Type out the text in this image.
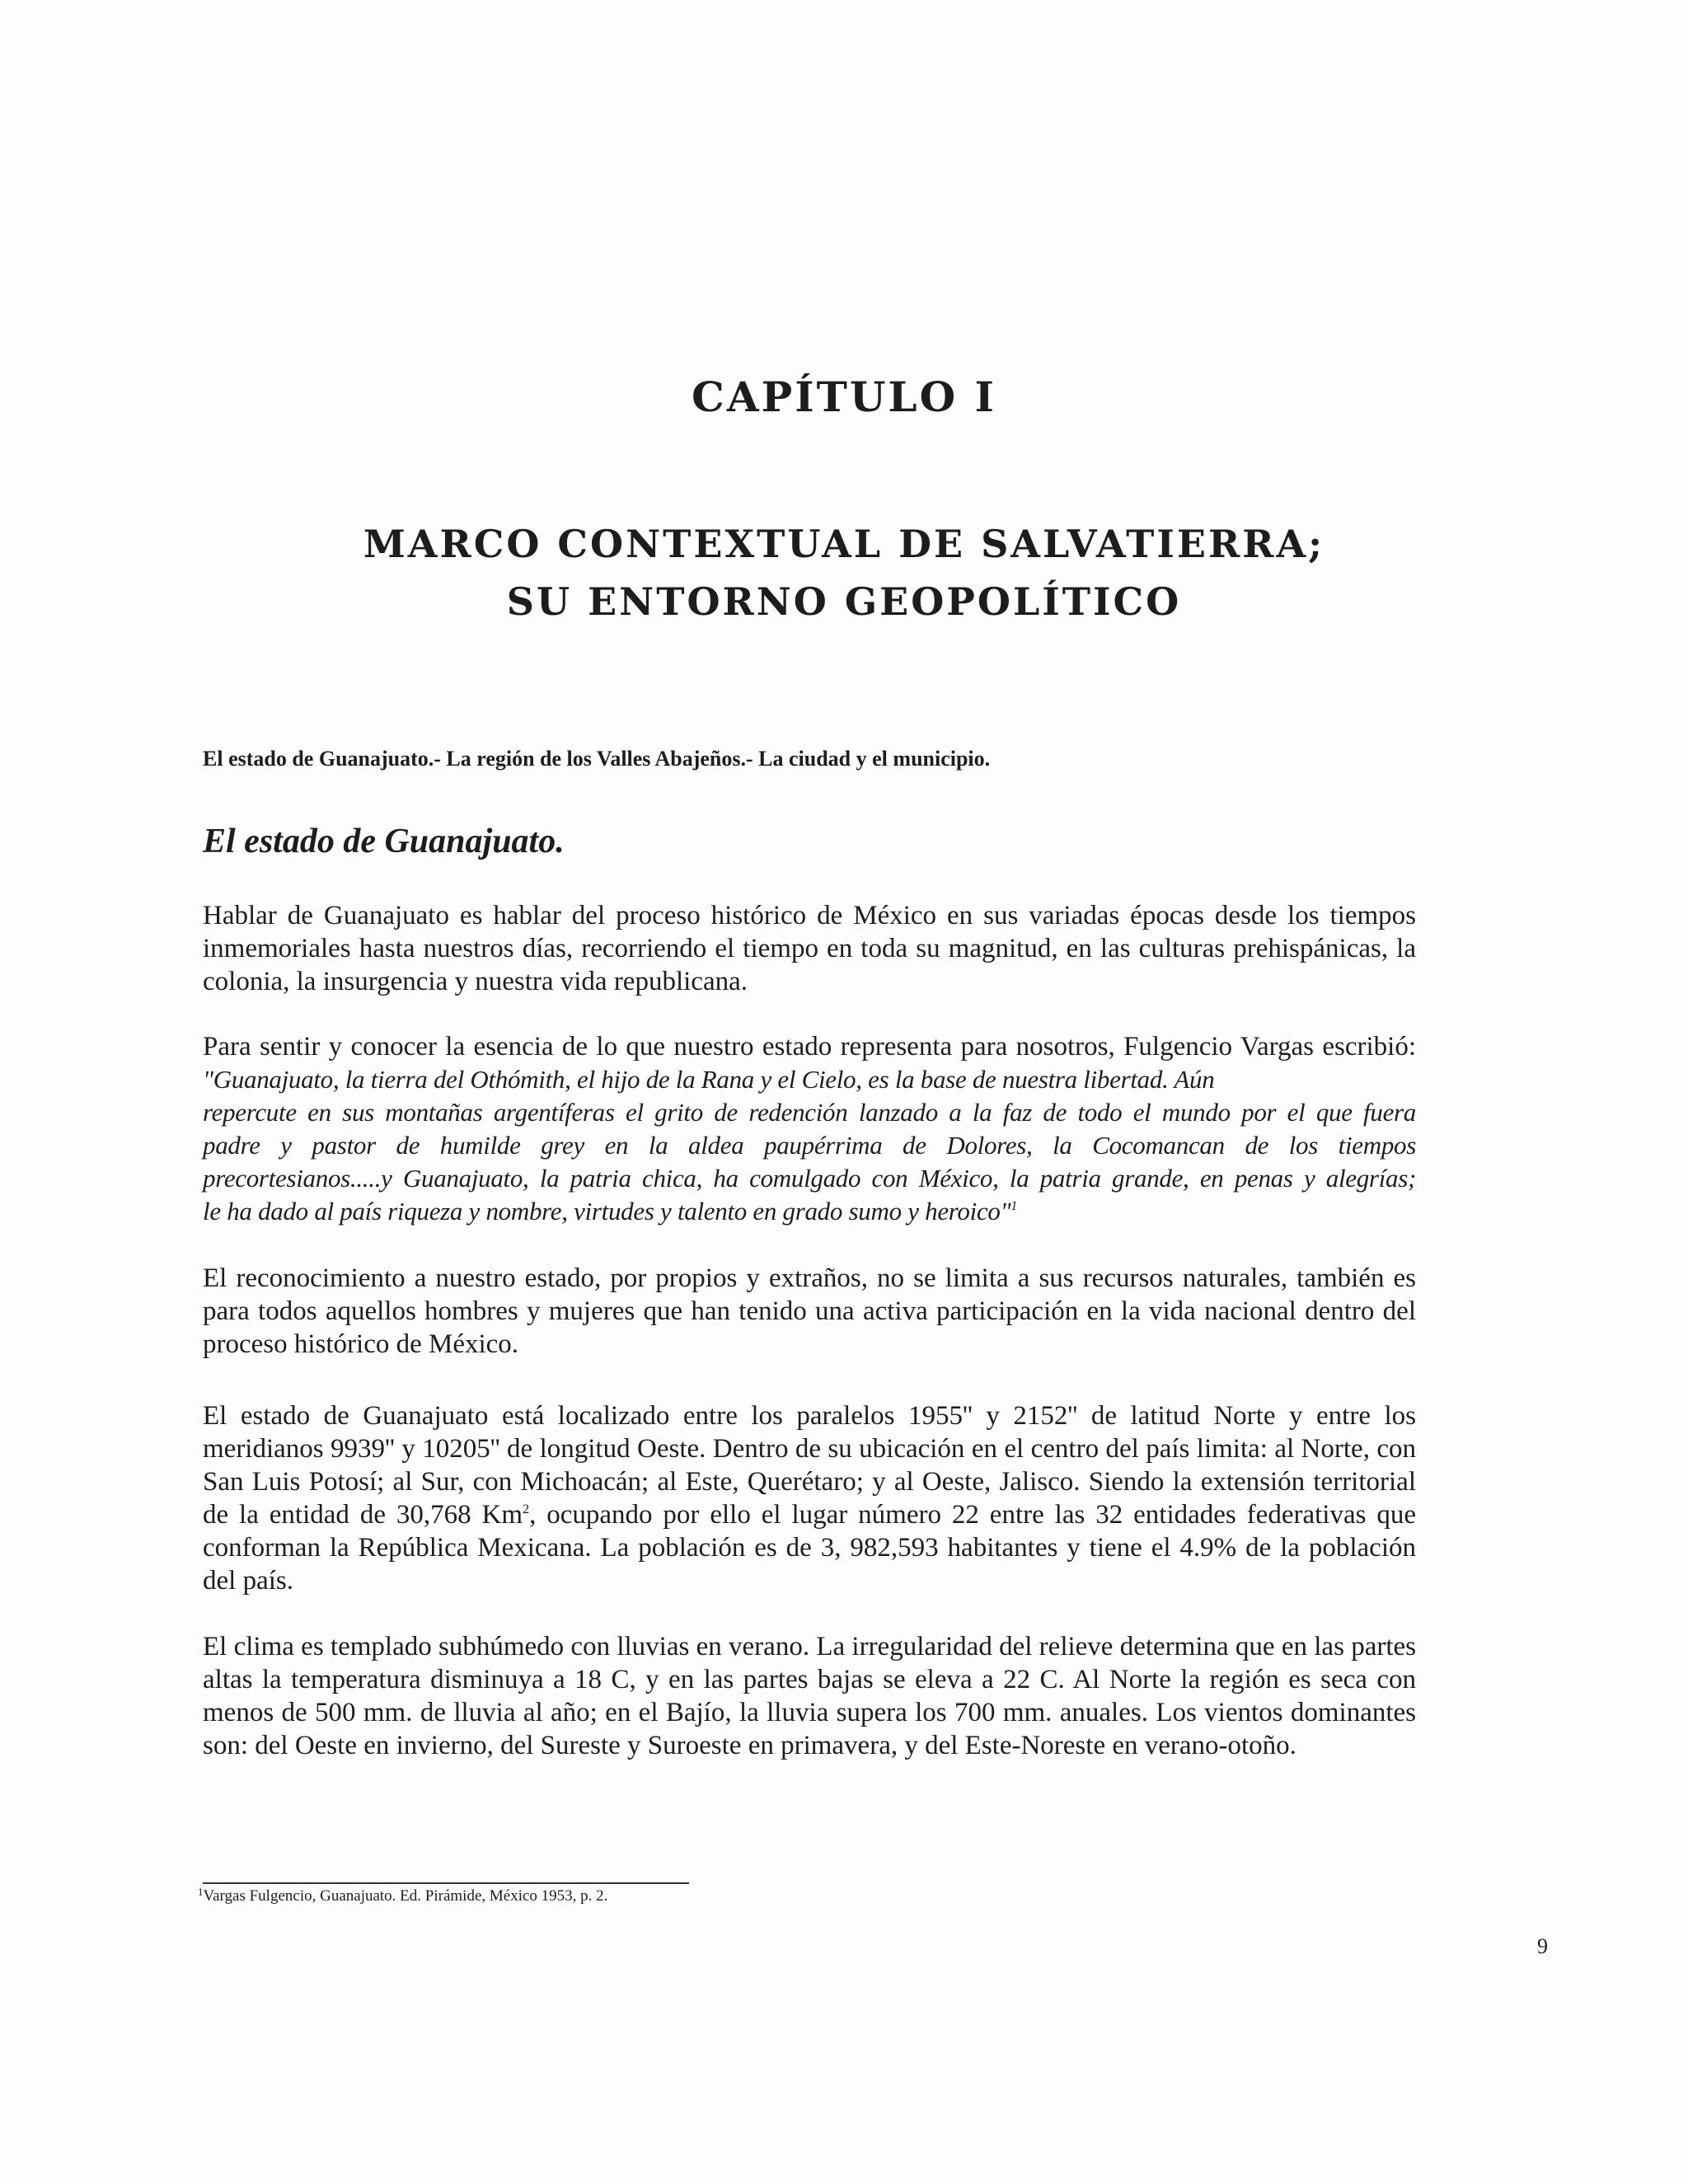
CAPÍTULO I
MARCO CONTEXTUAL DE SALVATIERRA;
SU ENTORNO GEOPOLÍTICO

El estado de Guanajuato.- La región de los Valles Abajeños.- La ciudad y el municipio.

El estado de Guanajuato.

Hablar de Guanajuato es hablar del proceso histórico de México en sus variadas épocas desde los tiempos inmemoriales hasta nuestros días, recorriendo el tiempo en toda su magnitud, en las culturas prehispánicas, la colonia, la insurgencia y nuestra vida republicana.

Para sentir y conocer la esencia de lo que nuestro estado representa para nosotros, Fulgencio Vargas escribió: "Guanajuato, la tierra del Othómith, el hijo de la Rana y el Cielo, es la base de nuestra libertad. Aún
repercute en sus montañas argentíferas el grito de redención lanzado a la faz de todo el mundo por el que fuera
padre y pastor de humilde grey en la aldea paupérrima de Dolores, la Cocomancan de los tiempos
precortesianos.....y Guanajuato, la patria chica, ha comulgado con México, la patria grande, en penas y alegrías;
le ha dado al país riqueza y nombre, virtudes y talento en grado sumo y heroico"$^1$

El reconocimiento a nuestro estado, por propios y extraños, no se limita a sus recursos naturales, también es para todos aquellos hombres y mujeres que han tenido una activa participación en la vida nacional dentro del proceso histórico de México.

El estado de Guanajuato está localizado entre los paralelos 1955'' y 2152'' de latitud Norte y entre los meridianos 9939'' y 10205'' de longitud Oeste. Dentro de su ubicación en el centro del país limita: al Norte, con San Luis Potosí; al Sur, con Michoacán; al Este, Querétaro; y al Oeste, Jalisco. Siendo la extensión territorial de la entidad de 30,768 Km$^2$, ocupando por ello el lugar número 22 entre las 32 entidades federativas que conforman la República Mexicana. La población es de 3, 982,593 habitantes y tiene el 4.9% de la población del país.

El clima es templado subhúmedo con lluvias en verano. La irregularidad del relieve determina que en las partes altas la temperatura disminuya a 18 C, y en las partes bajas se eleva a 22 C. Al Norte la región es seca con menos de 500 mm. de lluvia al año; en el Bajío, la lluvia supera los 700 mm. anuales. Los vientos dominantes son: del Oeste en invierno, del Sureste y Suroeste en primavera, y del Este-Noreste en verano-otoño.

$^1$Vargas Fulgencio, Guanajuato. Ed. Pirámide, México 1953, p. 2.

9
